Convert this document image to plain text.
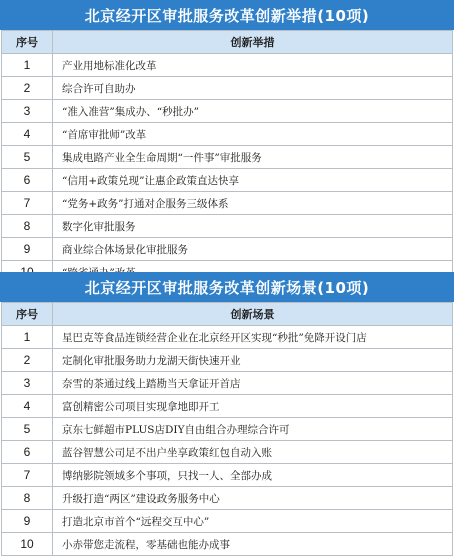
北京经开区审批服务改革创新举措(10项)
序号	创新举措
1	产业用地标准化改革
2	综合许可自助办
3	“准入准营”集成办、“秒批办”
4	“首席审批师”改革
5	集成电路产业全生命周期“一件事”审批服务
6	“信用+政策兑现”让惠企政策直达快享
7	“党务+政务”打通对企服务三级体系
8	数字化审批服务
9	商业综合体场景化审批服务

北京经开区审批服务改革创新场景(10项)
序号	创新场景
1	星巴克等食品连锁经营企业在北京经开区实现“秒批”免降开设门店
2	定制化审批服务助力龙湖天街快速开业
3	奈雪的茶通过线上踏勘当天拿证开首店
4	富创精密公司项目实现拿地即开工
5	京东七鲜超市PLUS店DIY自由组合办理综合许可
6	蓝谷智慧公司足不出户坐享政策红包自动入账
7	博纳影院领域多个事项，只找一人、全部办成
8	升级打造“两区”建设政务服务中心
9	打造北京市首个“远程交互中心”
10	小赤带您走流程，零基础也能办成事
